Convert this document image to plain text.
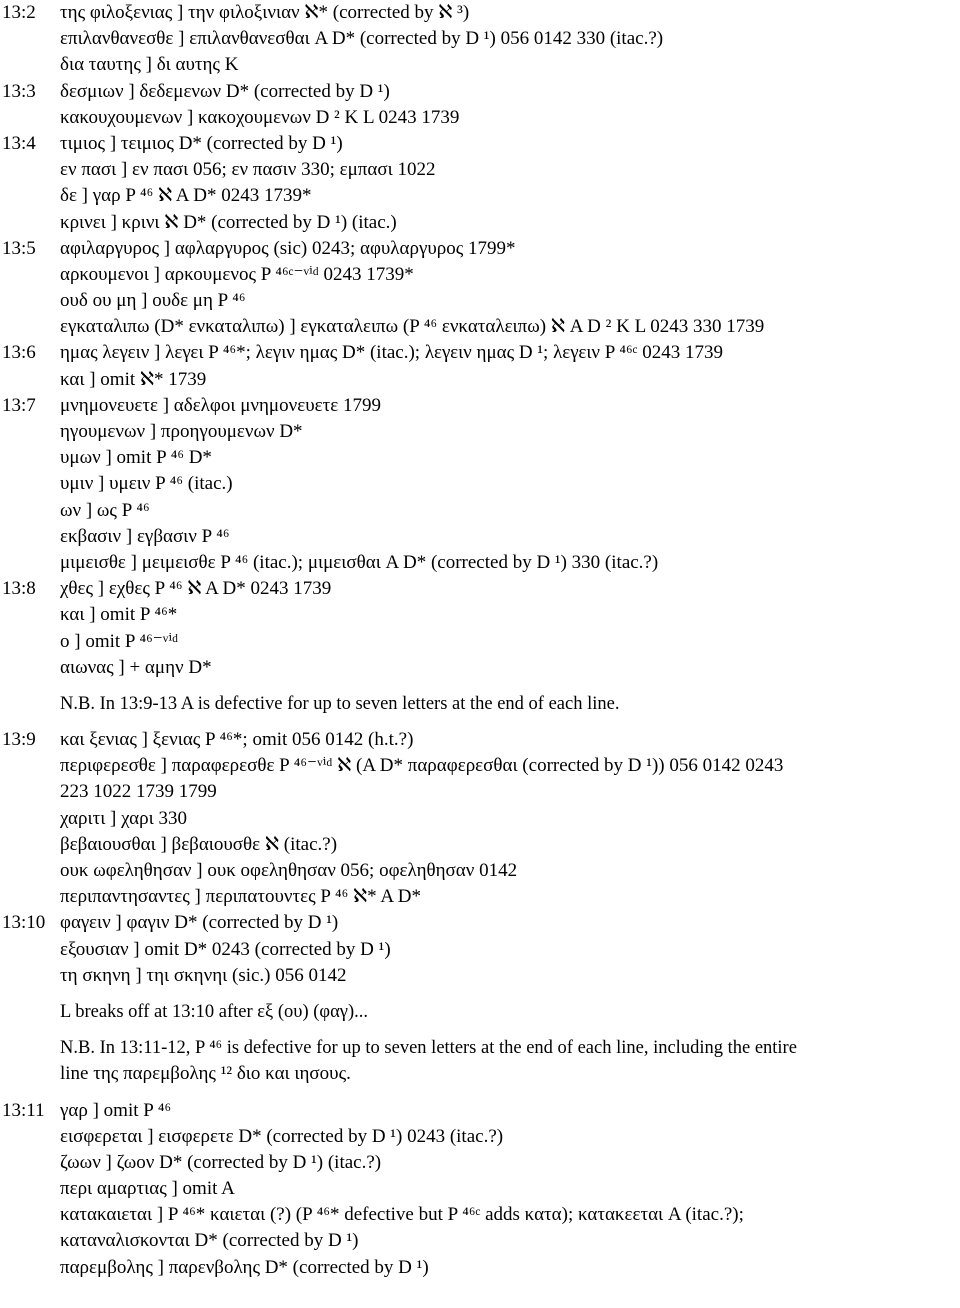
13:2 της φιλοξενιας ] την φιλοξινιαν ℵ* (corrected by ℵ ³)
επιλανθανεσθε ] επιλανθανεσθαι A D* (corrected by D ¹) 056 0142 330 (itac.?)
δια ταυτης ] δι αυτης K
13:3 δεσμιων ] δεδεμενων D* (corrected by D ¹)
κακουχουμενων ] κακοχουμενων D ² K L 0243 1739
13:4 τιμιος ] τειμιος D* (corrected by D ¹)
εν πασι ] εν πασι 056; εν πασιν 330; εμπασι 1022
δε ] γαρ P ⁴⁶ ℵ A D* 0243 1739*
κρινει ] κρινι ℵ D* (corrected by D ¹) (itac.)
13:5 αφιλαργυρος ] αφλαργυρος (sic) 0243; αφυλαργυρος 1799*
αρκουμενοι ] αρκουμενος P ⁴⁶ᶜ⁻ᵛⁱᵈ 0243 1739*
ουδ ου μη ] ουδε μη P ⁴⁶
εγκαταλιπω (D* ενκαταλιπω) ] εγκαταλειπω (P ⁴⁶ ενκαταλειπω) ℵ A D ² K L 0243 330 1739
13:6 ημας λεγειν ] λεγει P ⁴⁶*; λεγιν ημας D* (itac.); λεγειν ημας D ¹; λεγειν P ⁴⁶ᶜ 0243 1739
και ] omit ℵ* 1739
13:7 μνημονευετε ] αδελφοι μνημονευετε 1799
ηγουμενων ] προηγουμενων D*
υμων ] omit P ⁴⁶ D*
υμιν ] υμειν P ⁴⁶ (itac.)
ων ] ως P ⁴⁶
εκβασιν ] εγβασιν P ⁴⁶
μιμεισθε ] μειμεισθε P ⁴⁶ (itac.); μιμεισθαι A D* (corrected by D ¹) 330 (itac.?)
13:8 χθες ] εχθες P ⁴⁶ ℵ A D* 0243 1739
και ] omit P ⁴⁶*
ο ] omit P ⁴⁶⁻ᵛⁱᵈ
αιωνας ] + αμην D*
N.B. In 13:9-13 A is defective for up to seven letters at the end of each line.
13:9 και ξενιας ] ξενιας P ⁴⁶*; omit 056 0142 (h.t.?)
περιφερεσθε ] παραφερεσθε P ⁴⁶⁻ᵛⁱᵈ ℵ (A D* παραφερεσθαι (corrected by D ¹)) 056 0142 0243
223 1022 1739 1799
χαριτι ] χαρι 330
βεβαιουσθαι ] βεβαιουσθε ℵ (itac.?)
ουκ ωφεληθησαν ] ουκ οφεληθησαν 056; οφεληθησαν 0142
περιπαντησαντες ] περιπατουντες P ⁴⁶ ℵ* A D*
13:10 φαγειν ] φαγιν D* (corrected by D ¹)
εξουσιαν ] omit D* 0243 (corrected by D ¹)
τη σκηνη ] τηι σκηνηι (sic.) 056 0142
L breaks off at 13:10 after εξ (ου) (φαγ)...
N.B. In 13:11-12, P ⁴⁶ is defective for up to seven letters at the end of each line, including the entire
line της παρεμβολης ¹² διο και ιησους.
13:11 γαρ ] omit P ⁴⁶
εισφερεται ] εισφερετε D* (corrected by D ¹) 0243 (itac.?)
ζωων ] ζωον D* (corrected by D ¹) (itac.?)
περι αμαρτιας ] omit A
κατακαιεται ] P ⁴⁶* καιεται (?) (P ⁴⁶* defective but P ⁴⁶ᶜ adds κατα); κατακεεται A (itac.?);
καταναλισκονται D* (corrected by D ¹)
παρεμβολης ] παρενβολης D* (corrected by D ¹)
